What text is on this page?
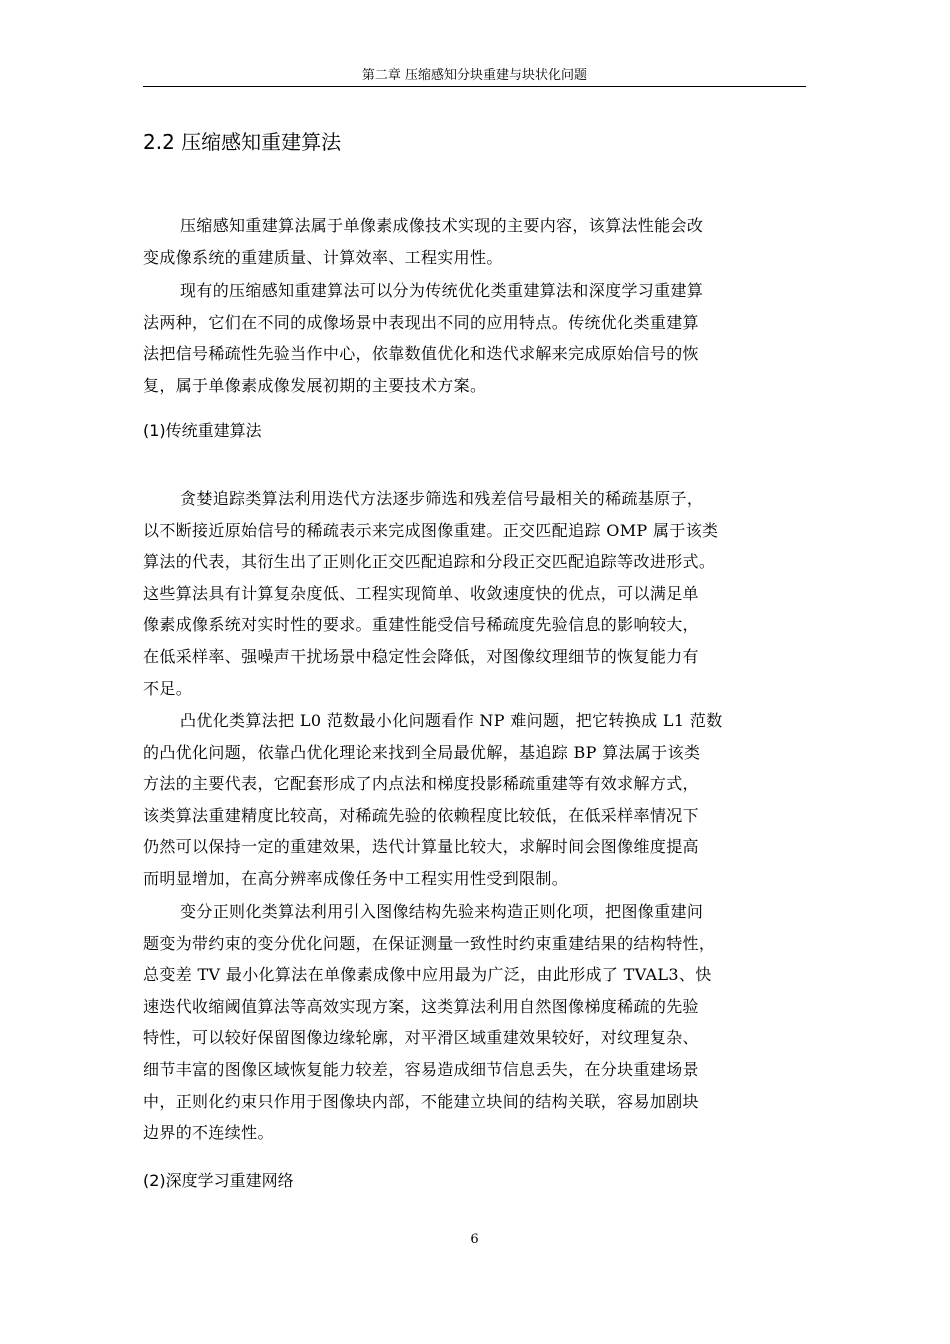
第二章 压缩感知分块重建与块状化问题
2.2 压缩感知重建算法
压缩感知重建算法属于单像素成像技术实现的主要内容，该算法性能会改
变成像系统的重建质量、计算效率、工程实用性。
现有的压缩感知重建算法可以分为传统优化类重建算法和深度学习重建算
法两种，它们在不同的成像场景中表现出不同的应用特点。传统优化类重建算
法把信号稀疏性先验当作中心，依靠数值优化和迭代求解来完成原始信号的恢
复，属于单像素成像发展初期的主要技术方案。
(1)传统重建算法
贪婪追踪类算法利用迭代方法逐步筛选和残差信号最相关的稀疏基原子，
以不断接近原始信号的稀疏表示来完成图像重建。正交匹配追踪 OMP 属于该类
算法的代表，其衍生出了正则化正交匹配追踪和分段正交匹配追踪等改进形式。
这些算法具有计算复杂度低、工程实现简单、收敛速度快的优点，可以满足单
像素成像系统对实时性的要求。重建性能受信号稀疏度先验信息的影响较大，
在低采样率、强噪声干扰场景中稳定性会降低，对图像纹理细节的恢复能力有
不足。
凸优化类算法把 L0 范数最小化问题看作 NP 难问题，把它转换成 L1 范数
的凸优化问题，依靠凸优化理论来找到全局最优解，基追踪 BP 算法属于该类
方法的主要代表，它配套形成了内点法和梯度投影稀疏重建等有效求解方式，
该类算法重建精度比较高，对稀疏先验的依赖程度比较低，在低采样率情况下
仍然可以保持一定的重建效果，迭代计算量比较大，求解时间会图像维度提高
而明显增加，在高分辨率成像任务中工程实用性受到限制。
变分正则化类算法利用引入图像结构先验来构造正则化项，把图像重建问
题变为带约束的变分优化问题，在保证测量一致性时约束重建结果的结构特性，
总变差 TV 最小化算法在单像素成像中应用最为广泛，由此形成了 TVAL3、快
速迭代收缩阈值算法等高效实现方案，这类算法利用自然图像梯度稀疏的先验
特性，可以较好保留图像边缘轮廓，对平滑区域重建效果较好，对纹理复杂、
细节丰富的图像区域恢复能力较差，容易造成细节信息丢失，在分块重建场景
中，正则化约束只作用于图像块内部，不能建立块间的结构关联，容易加剧块
边界的不连续性。
(2)深度学习重建网络
6
